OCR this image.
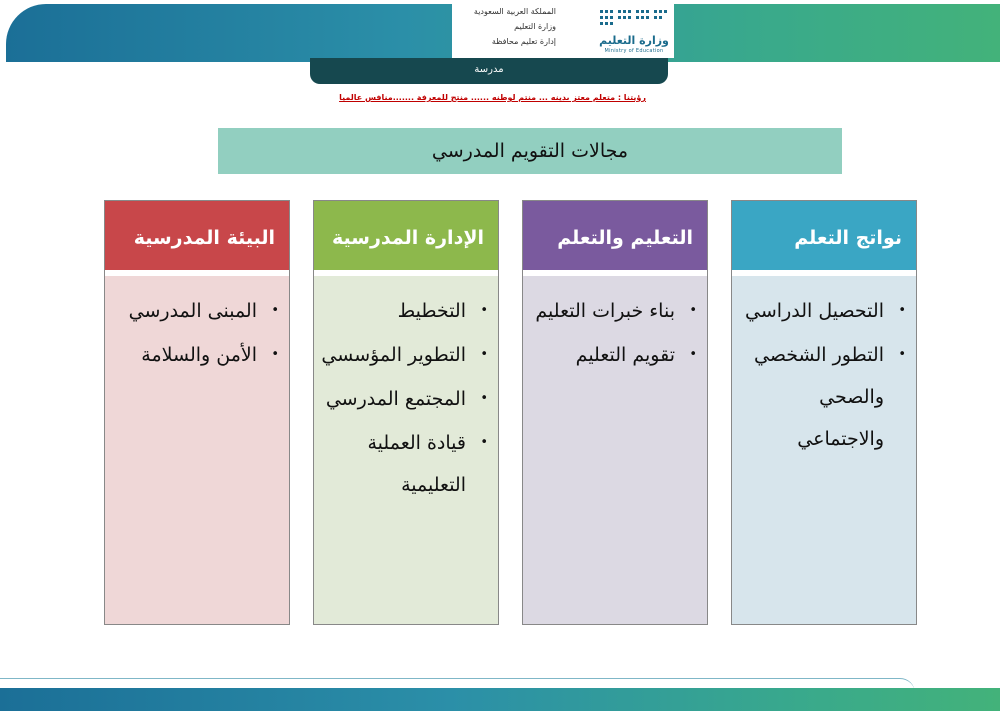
المملكة العربية السعودية
وزارة التعليم
إدارة تعليم محافظة	وزارة التعليم
Ministry of Education
مدرسة
رؤيتنا : متعلم معتز بدينه ... منتم لوطنه ...... منتج للمعرفة .......منافس عالميا
مجالات التقويم المدرسي
نواتج التعلم
• التحصيل الدراسي
• التطور الشخصي والصحي والاجتماعي
التعليم والتعلم
• بناء خبرات التعليم
• تقويم التعليم
الإدارة المدرسية
• التخطيط
• التطوير المؤسسي
• المجتمع المدرسي
• قيادة العملية التعليمية
البيئة المدرسية
• المبنى المدرسي
• الأمن والسلامة
